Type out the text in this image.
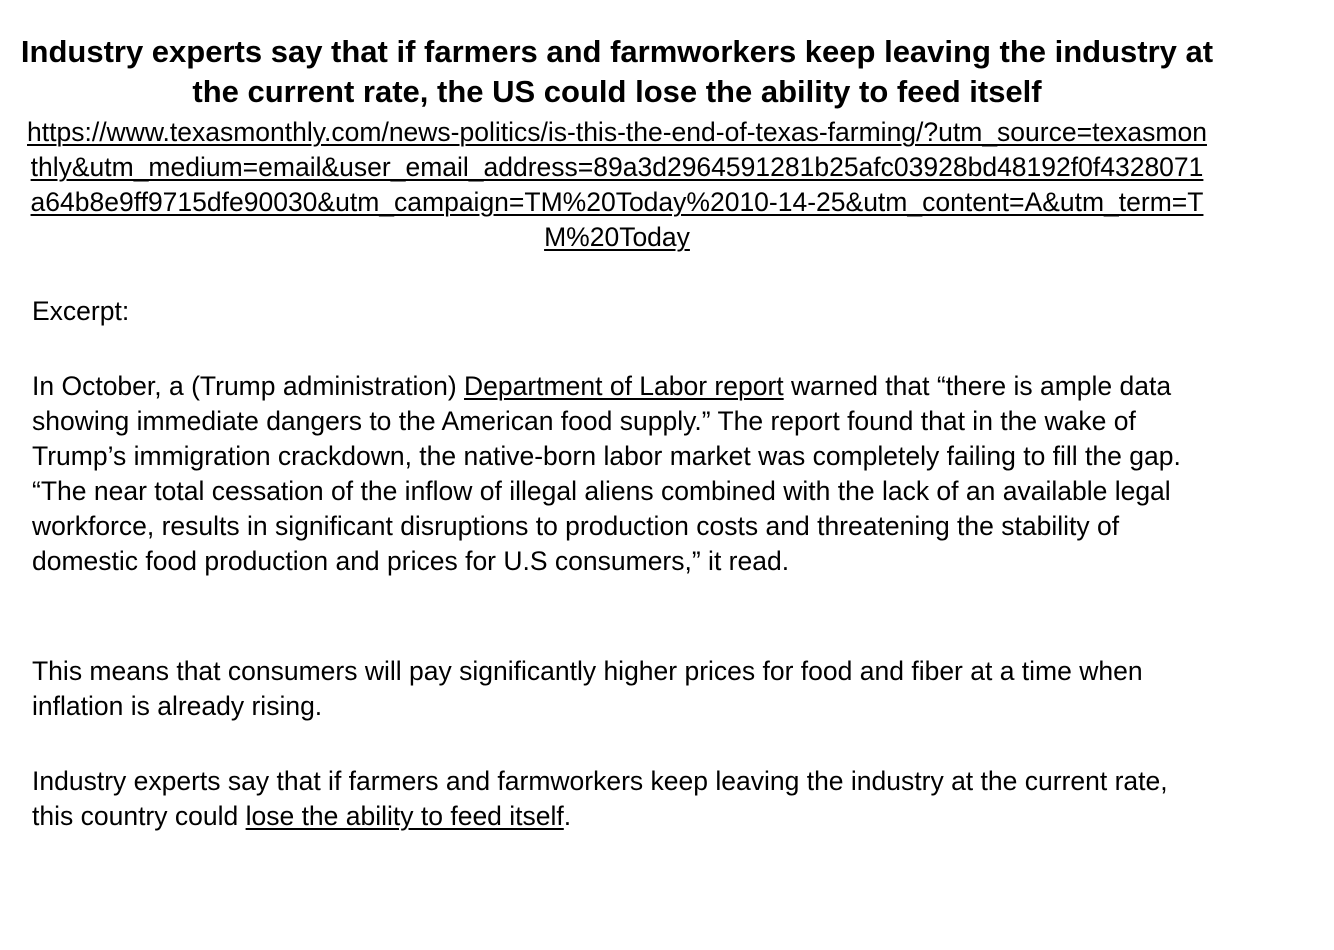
Industry experts say that if farmers and farmworkers keep leaving the industry at the current rate, the US could lose the ability to feed itself

https://www.texasmonthly.com/news-politics/is-this-the-end-of-texas-farming/?utm_source=texasmonthly&utm_medium=email&user_email_address=89a3d2964591281b25afc03928bd48192f0f4328071a64b8e9ff9715dfe90030&utm_campaign=TM%20Today%2010-14-25&utm_content=A&utm_term=TM%20Today

Excerpt:

In October, a (Trump administration) Department of Labor report warned that “there is ample data showing immediate dangers to the American food supply.” The report found that in the wake of Trump’s immigration crackdown, the native-born labor market was completely failing to fill the gap. “The near total cessation of the inflow of illegal aliens combined with the lack of an available legal workforce, results in significant disruptions to production costs and threatening the stability of domestic food production and prices for U.S consumers,” it read.

This means that consumers will pay significantly higher prices for food and fiber at a time when inflation is already rising.

Industry experts say that if farmers and farmworkers keep leaving the industry at the current rate, this country could lose the ability to feed itself.
